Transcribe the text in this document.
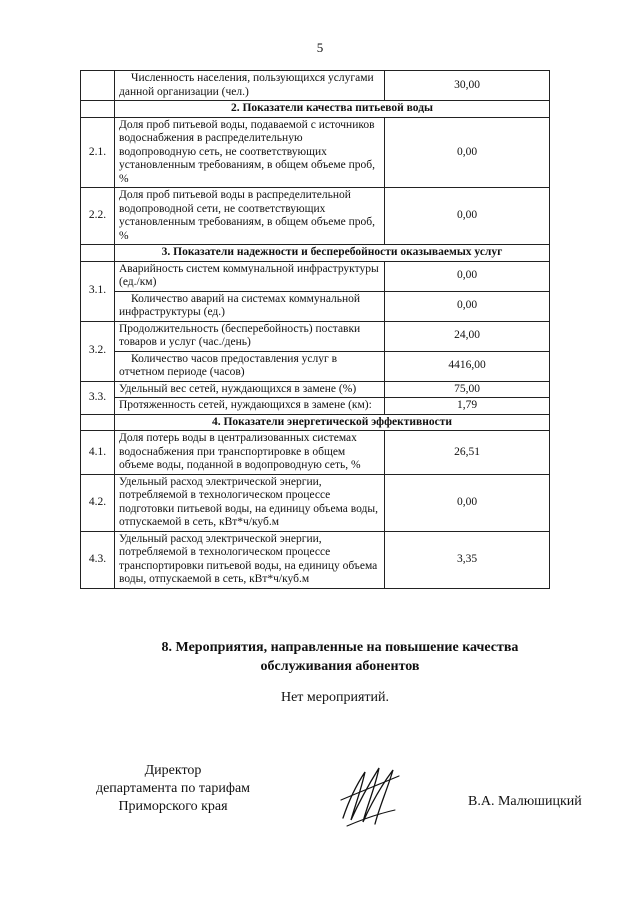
5
	Численность населения, пользующихся услугами данной организации (чел.)	30,00
	2. Показатели качества питьевой воды	
2.1.	Доля проб питьевой воды, подаваемой с источников водоснабжения в распределительную водопроводную сеть, не соответствующих установленным требованиям, в общем объеме проб, %	0,00
2.2.	Доля проб питьевой воды в распределительной водопроводной сети, не соответствующих установленным требованиям, в общем объеме проб, %	0,00
	3. Показатели надежности и бесперебойности оказываемых услуг	
3.1.	Аварийность систем коммунальной инфраструктуры (ед./км)	0,00
	Количество аварий на системах коммунальной инфраструктуры (ед.)	0,00
3.2.	Продолжительность (бесперебойность) поставки товаров и услуг (час./день)	24,00
	Количество часов предоставления услуг в отчетном периоде (часов)	4416,00
3.3.	Удельный вес сетей, нуждающихся в замене (%)	75,00
	Протяженность сетей, нуждающихся в замене (км):	1,79
	4. Показатели энергетической эффективности	
4.1.	Доля потерь воды в централизованных системах водоснабжения при транспортировке в общем объеме воды, поданной в водопроводную сеть, %	26,51
4.2.	Удельный расход электрической энергии, потребляемой в технологическом процессе подготовки питьевой воды, на единицу объема воды, отпускаемой в сеть, кВт*ч/куб.м	0,00
4.3.	Удельный расход электрической энергии, потребляемой в технологическом процессе транспортировки питьевой воды, на единицу объема воды, отпускаемой в сеть, кВт*ч/куб.м	3,35
8. Мероприятия, направленные на повышение качества
обслуживания абонентов
Нет мероприятий.
Директор
департамента по тарифам
Приморского края	В.А. Малюшицкий
